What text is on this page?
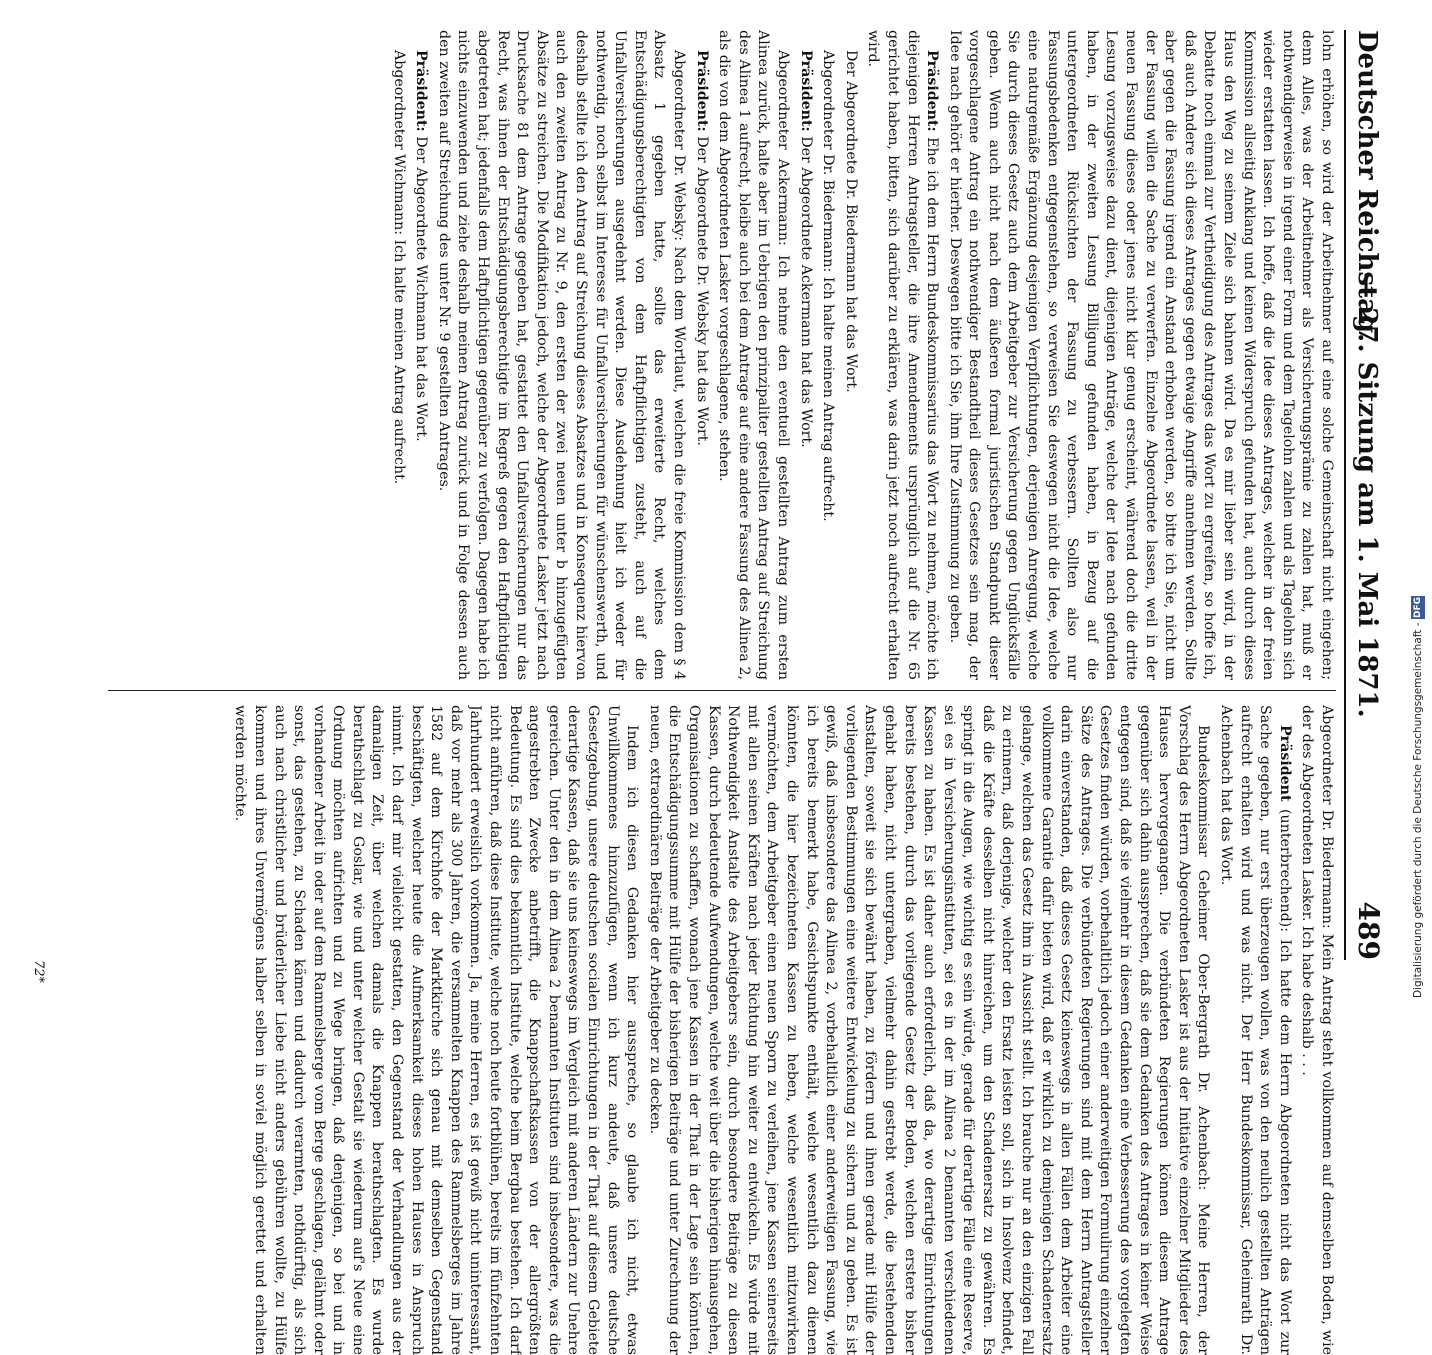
Deutscher Reichstag.
— 27. Sitzung am 1. Mai 1871.
489

lohn erhöhen, so wird der Arbeitnehmer auf eine solche Gemeinschaft nicht eingehen; denn Alles, was der Arbeitnehmer als Versicherungsprämie zu zahlen hat, muß er nothwendigerweise in irgend einer Form und dem Tagelohn zahlen und als Tagelohn sich wieder erstatten lassen. Ich hoffe, daß die Idee dieses Antrages, welcher in der freien Kommission allseitig Anklang und keinen Widerspruch gefunden hat, auch durch dieses Haus den Weg zu seinem Ziele sich bahnen wird. Da es mir lieber sein wird, in der Debatte noch einmal zur Vertheidigung des Antrages das Wort zu ergreifen, so hoffe ich, daß auch Andere sich dieses Antrages gegen etwaige Angriffe annehmen werden. Sollte aber gegen die Fassung irgend ein Anstand erhoben werden, so bitte ich Sie, nicht um der Fassung willen die Sache zu verwerfen. Einzelne Abgeordnete lassen, weil in der neuen Fassung dieses oder jenes nicht klar genug erscheint, während doch die dritte Lesung vorzugsweise dazu dient, diejenigen Anträge, welche der Idee nach gefunden haben, in der zweiten Lesung Billigung gefunden haben, in Bezug auf die untergeordneten Rücksichten der Fassung zu verbessern. Sollten also nur Fassungsbedenken entgegenstehen, so verweisen Sie deswegen nicht die Idee, welche eine naturgemäße Ergänzung desjenigen Verpflichtungen, derjenigen Anregung, welche Sie durch dieses Gesetz auch dem Arbeitgeber zur Versicherung gegen Unglücksfälle geben. Wenn auch nicht nach dem äußeren formal juristischen Standpunkt dieser vorgeschlagene Antrag ein nothwendiger Bestandtheil dieses Gesetzes sein mag, der Idee nach gehört er hierher. Deswegen bitte ich Sie, ihm Ihre Zustimmung zu geben.

Präsident: Ehe ich dem Herrn Bundeskommissarius das Wort zu nehmen, möchte ich diejenigen Herren Antragsteller, die ihre Amendements ursprünglich auf die Nr. 65 gerichtet haben, bitten, sich darüber zu erklären, was darin jetzt noch aufrecht erhalten wird.

Der Abgeordnete Dr. Biedermann hat das Wort.

Abgeordneter Dr. Biedermann: Ich halte meinen Antrag aufrecht.

Präsident: Der Abgeordnete Ackermann hat das Wort.

Abgeordneter Ackermann: Ich nehme den eventuell gestellten Antrag zum ersten Alinea zurück, halte aber im Uebrigen den prinzipaliter gestellten Antrag auf Streichung des Alinea 1 aufrecht, bleibe auch bei dem Antrage auf eine andere Fassung des Alinea 2, als die von dem Abgeordneten Lasker vorgeschlagene, stehen.

Präsident: Der Abgeordnete Dr. Websky hat das Wort.

Abgeordneter Dr. Websky: Nach dem Wortlaut, welchen die freie Kommission dem § 4 Absatz 1 gegeben hatte, sollte das erweiterte Recht, welches dem Entschädigungsberechtigten von dem Haftpflichtigen zusteht, auch auf die Unfallversicherungen ausgedehnt werden. Diese Ausdehnung hielt ich weder für nothwendig, noch selbst im Interesse für Unfallversicherungen für wünschenswerth, und deshalb stellte ich den Antrag auf Streichung dieses Absatzes und in Konsequenz hiervon auch den zweiten Antrag zu Nr. 9, den ersten der zwei neuen unter b hinzugefügten Absätze zu streichen. Die Modifikation jedoch, welche der Abgeordnete Lasker jetzt nach Drucksache 81 dem Antrage gegeben hat, gestattet den Unfallversicherungen nur das Recht, was ihnen der Entschädigungsberechtigte im Regreß gegen den Haftpflichtigen abgetreten hat; jedenfalls dem Haftpflichtigen gegenüber zu verfolgen. Dagegen habe ich nichts einzuwenden und ziehe deshalb meinen Antrag zurück und in Folge dessen auch den zweiten auf Streichung des unter Nr. 9 gestellten Antrages.

Präsident: Der Abgeordnete Wichmann hat das Wort.

Abgeordneter Wichmann: Ich halte meinen Antrag aufrecht.

Abgeordneter Dr. Biedermann: Mein Antrag steht vollkommen auf demselben Boden, wie der des Abgeordneten Lasker. Ich habe deshalb . . .

Präsident (unterbrechend): Ich hatte dem Herrn Abgeordneten nicht das Wort zur Sache gegeben, nur erst überzeugen wollen, was von den neulich gestellten Anträgen aufrecht erhalten wird und was nicht. Der Herr Bundeskommissar, Geheimrath Dr. Achenbach hat das Wort.

Bundeskommissar Geheimer Ober-Bergrath Dr. Achenbach: Meine Herren, der Vorschlag des Herrn Abgeordneten Lasker ist aus der Initiative einzelner Mitglieder des Hauses hervorgegangen. Die verbündeten Regierungen können diesem Antrage gegenüber sich dahin aussprechen, daß sie dem Gedanken des Antrages in keiner Weise entgegen sind, daß sie vielmehr in diesem Gedanken eine Verbesserung des vorgelegten Gesetzes finden würden, vorbehaltlich jedoch einer anderweitigen Formulirung einzelner Sätze des Antrages. Die verbündeten Regierungen sind mit dem Herrn Antragsteller darin einverstanden, daß dieses Gesetz keineswegs in allen Fällen dem Arbeiter eine vollkommene Garantie dafür bieten wird, daß er wirklich zu demjenigen Schadenersatz gelange, welchen das Gesetz ihm in Aussicht stellt. Ich brauche nur an den einzigen Fall zu erinnern, daß derjenige, welcher den Ersatz leisten soll, sich in Insolvenz befindet, daß die Kräfte desselben nicht hinreichen, um den Schadenersatz zu gewähren. Es springt in die Augen, wie wichtig es sein würde, gerade für derartige Fälle eine Reserve, sei es in Versicherungsinstituten, sei es in der im Alinea 2 benannten verschiedenen Kassen zu haben. Es ist daher auch erforderlich, daß da, wo derartige Einrichtungen bereits bestehen, durch das vorliegende Gesetz der Boden, welchen erstere bisher gehabt haben, nicht untergraben, vielmehr dahin gestrebt werde, die bestehenden Anstalten, soweit sie sich bewährt haben, zu fördern und ihnen gerade mit Hülfe der vorliegenden Bestimmungen eine weitere Entwickelung zu sichern und zu geben. Es ist gewiß, daß insbesondere das Alinea 2, vorbehaltlich einer anderweitigen Fassung, wie ich bereits bemerkt habe, Gesichtspunkte enthält, welche wesentlich dazu dienen könnten, die hier bezeichneten Kassen zu heben, welche wesentlich mitzuwirken vermöchten, dem Arbeitgeber einen neuen Sporn zu verleihen, jene Kassen seinerseits mit allen seinen Kräften nach jeder Richtung hin weiter zu entwickeln. Es würde mit Nothwendigkeit Anstalte des Arbeitgebers sein, durch besondere Beiträge zu diesen Kassen, durch bedeutende Aufwendungen, welche weit über die bisherigen hinausgehen, Organisationen zu schaffen, wonach jene Kassen in der That in der Lage sein könnten, die Entschädigungssumme mit Hülfe der bisherigen Beiträge und unter Zurechnung der neuen, extraordinären Beiträge der Arbeitgeber zu decken.

Indem ich diesen Gedanken hier ausspreche, so glaube ich nicht, etwas Unwillkommenes hinzuzufügen, wenn ich kurz andeute, daß unsere deutsche Gesetzgebung, unsere deutschen socialen Einrichtungen in der That auf diesem Gebiete derartige Kassen, daß sie uns keineswegs im Vergleich mit anderen Ländern zur Unehre gereichen. Unter den in dem Alinea 2 benannten Instituten sind insbesondere, was die angestrebten Zwecke anbetrifft, die Knappschaftskassen von der allergrößten Bedeutung. Es sind dies bekanntlich Institute, welche beim Bergbau bestehen. Ich darf nicht anführen, daß diese Institute, welche noch heute fortblühen, bereits im fünfzehnten Jahrhundert erweislich vorkommen. Ja, meine Herren, es ist gewiß nicht uninteressant, daß vor mehr als 300 Jahren, die versammelten Knappen des Rammelsberges im Jahre 1582 auf dem Kirchhofe der Marktkirche sich genau mit demselben Gegenstand beschäftigten, welcher heute die Aufmerksamkeit dieses hohen Hauses in Anspruch nimmt. Ich darf mir vielleicht gestatten, den Gegenstand der Verhandlungen aus der damaligen Zeit, über welchen damals die Knappen berathschlagten. Es wurde berathschlagt zu Goslar, wie und unter welcher Gestalt sie wiederum auf's Neue eine Ordnung möchten aufrichten und zu Wege bringen, daß denjenigen, so bei und in vorhandener Arbeit in oder auf dem Rammelsberge vom Berge geschlagen, gelähmt oder sonst, das gestehen, zu Schaden kämen und dadurch verarmten, nothdürftig, als sich auch nach christlicher und brüderlicher Liebe nicht anders gebühren wollte, zu Hülfe kommen und ihres Unvermögens halber selben in soviel möglich gerettet und erhalten werden möchte.

72*	Digitalisierung gefördert durch die Deutsche Forschungsgemeinschaft - DFG
